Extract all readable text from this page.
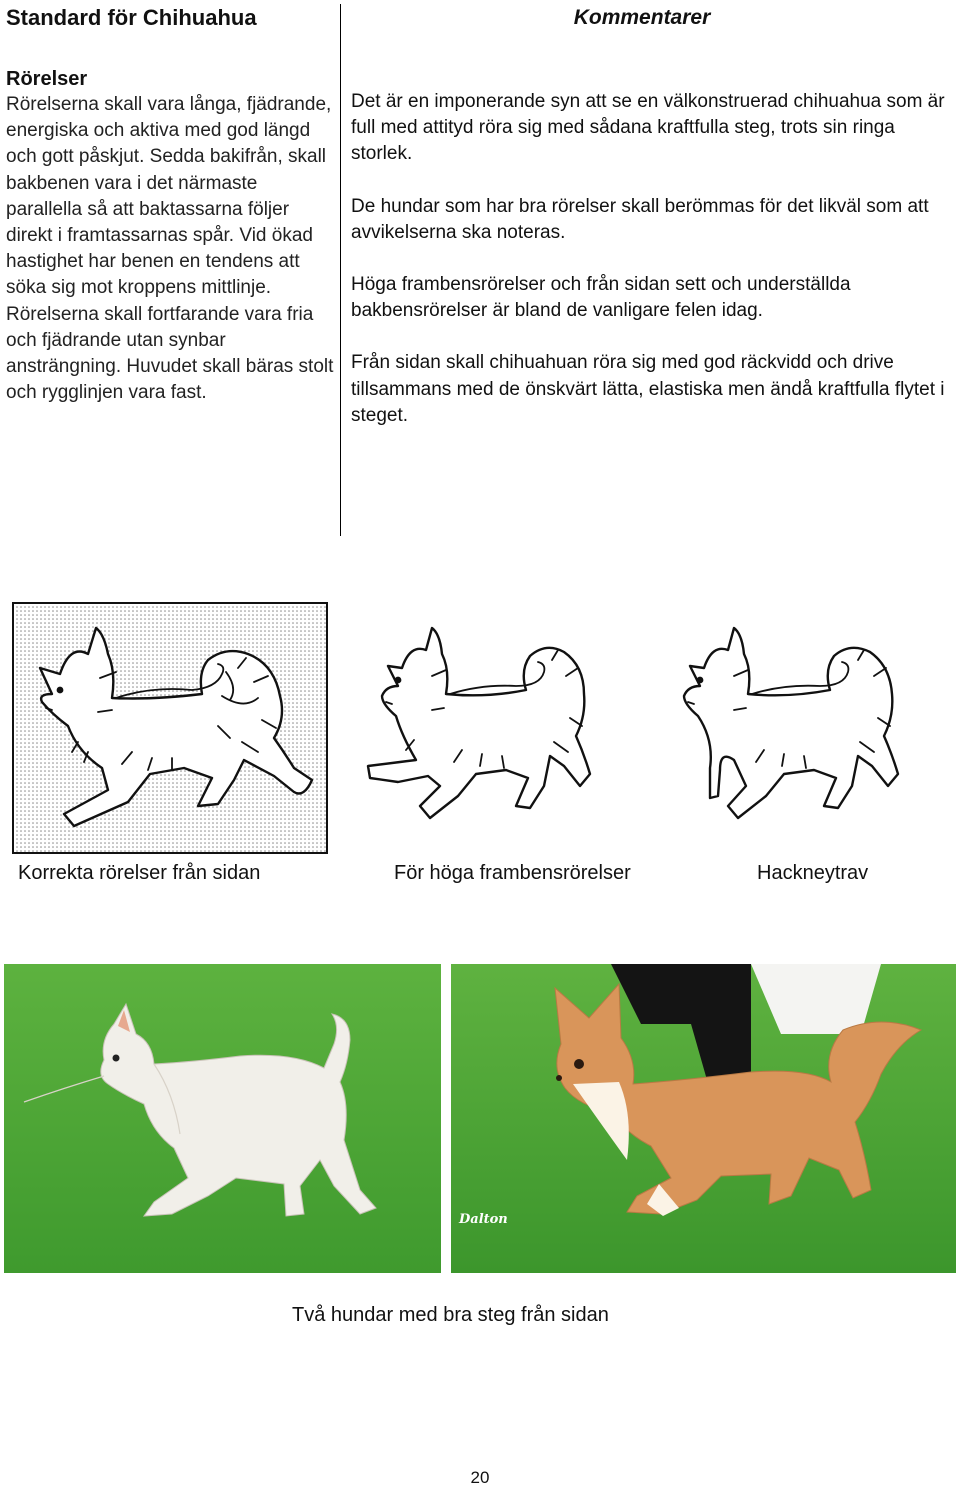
Standard för Chihuahua
Rörelser

Rörelserna skall vara långa, fjädrande, energiska och aktiva med god längd och gott påskjut. Sedda bakifrån, skall bakbenen vara i det närmaste parallella så att baktassarna följer direkt i framtassarnas spår. Vid ökad hastighet har benen en tendens att söka sig mot kroppens mittlinje. Rörelserna skall fortfarande vara fria och fjädrande utan synbar ansträngning. Huvudet skall bäras stolt och rygglinjen vara fast.

Kommentarer

Det är en imponerande syn att se en välkonstruerad chihuahua som är full med attityd röra sig med sådana kraftfulla steg, trots sin ringa storlek.

De hundar som har bra rörelser skall berömmas för det likväl som att avvikelserna ska noteras.

Höga frambensrörelser och från sidan sett och underställda bakbensrörelser är bland de vanligare felen idag.

Från sidan skall chihuahuan röra sig med god räckvidd och drive tillsammans med de önskvärt lätta, elastiska men ändå kraftfulla flytet i steget.

Korrekta rörelser från sidan	För höga frambensrörelser	Hackneytrav
Dalton
Två hundar med bra steg från sidan
20
